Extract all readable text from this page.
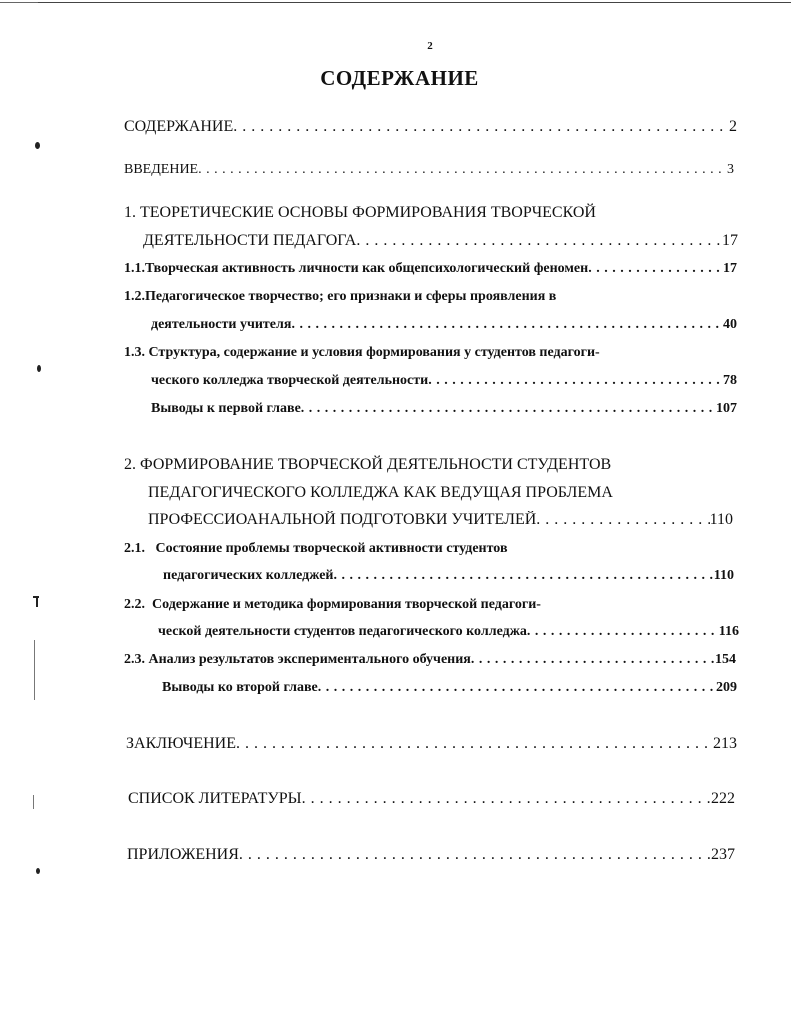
2
СОДЕРЖАНИЕ
СОДЕРЖАНИЕ . . .	2
ВВЕДЕНИЕ . . .	3
1. ТЕОРЕТИЧЕСКИЕ ОСНОВЫ ФОРМИРОВАНИЯ ТВОРЧЕСКОЙ
ДЕЯТЕЛЬНОСТИ ПЕДАГОГА . . .	17
1.1.Творческая активность личности как общепсихологический феномен . . .	17
1.2.Педагогическое творчество; его признаки и сферы проявления в
деятельности учителя . . .	40
1.3. Структура, содержание и условия формирования у студентов педагоги-
ческого колледжа творческой деятельности . . .	78
Выводы к первой главе . . .	107
2. ФОРМИРОВАНИЕ ТВОРЧЕСКОЙ ДЕЯТЕЛЬНОСТИ СТУДЕНТОВ
ПЕДАГОГИЧЕСКОГО КОЛЛЕДЖА КАК ВЕДУЩАЯ ПРОБЛЕМА
ПРОФЕССИОАНАЛЬНОЙ ПОДГОТОВКИ УЧИТЕЛЕЙ . . .	110
2.1.   Состояние проблемы творческой активности студентов
педагогических колледжей . . .	110
2.2.  Содержание и методика формирования творческой педагоги-
ческой деятельности студентов педагогического колледжа . . .	116
2.3. Анализ результатов экспериментального обучения . . .	154
Выводы ко второй главе . . .	209
ЗАКЛЮЧЕНИЕ . . .	213
СПИСОК ЛИТЕРАТУРЫ . . .	222
ПРИЛОЖЕНИЯ . . .	237
